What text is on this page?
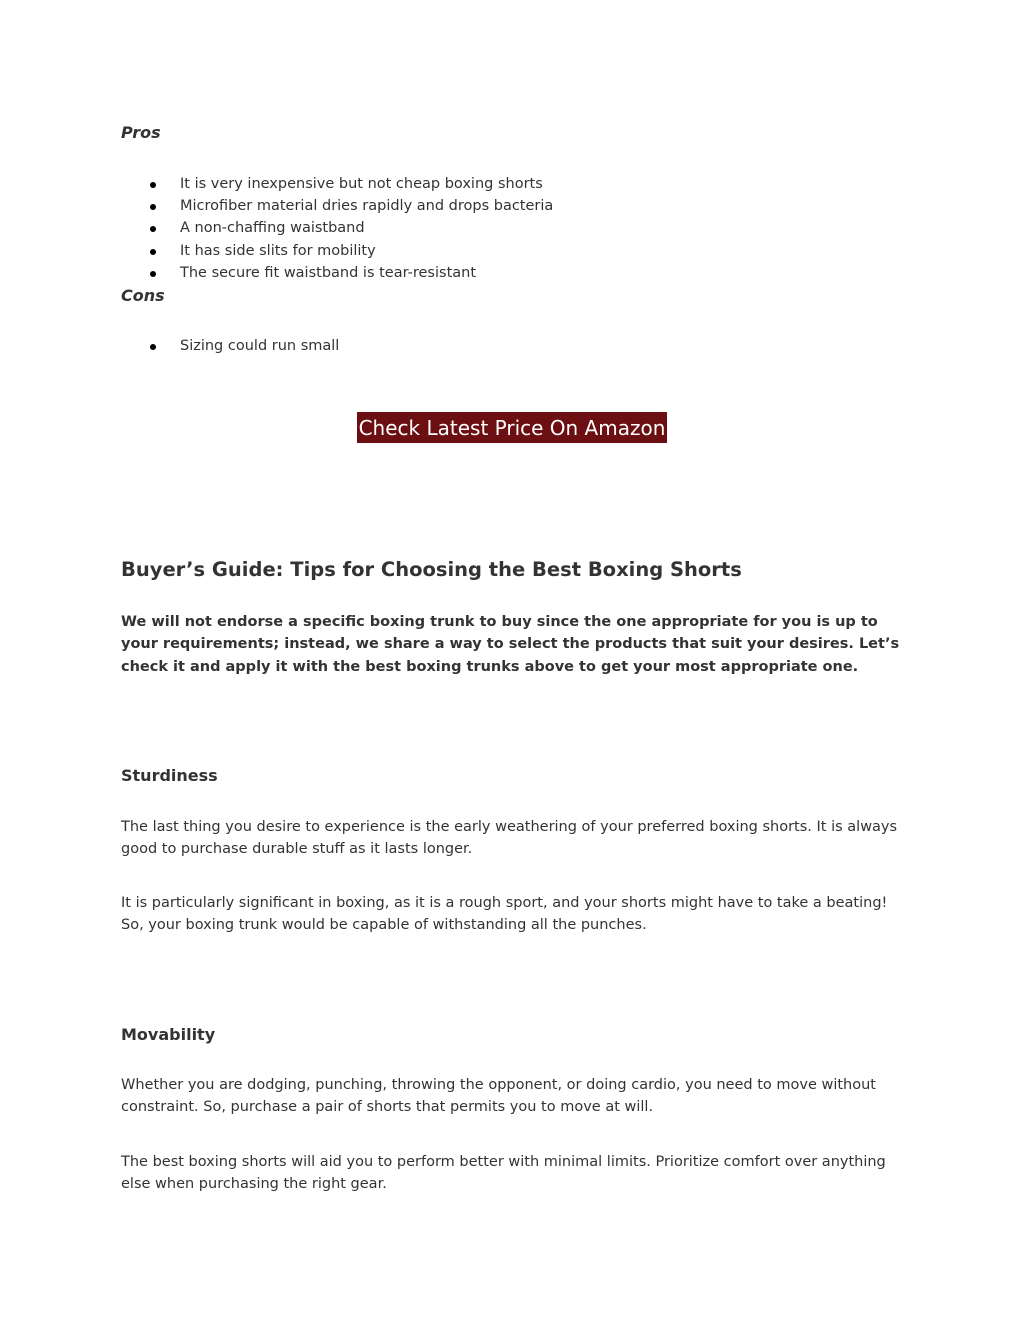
Pros

It is very inexpensive but not cheap boxing shorts
Microfiber material dries rapidly and drops bacteria
A non-chaffing waistband
It has side slits for mobility
The secure fit waistband is tear-resistant

Cons

Sizing could run small
Check Latest Price On Amazon
Buyer’s Guide: Tips for Choosing the Best Boxing Shorts

We will not endorse a specific boxing trunk to buy since the one appropriate for you is up to your requirements; instead, we share a way to select the products that suit your desires. Let’s check it and apply it with the best boxing trunks above to get your most appropriate one.

Sturdiness

The last thing you desire to experience is the early weathering of your preferred boxing shorts. It is always good to purchase durable stuff as it lasts longer.

It is particularly significant in boxing, as it is a rough sport, and your shorts might have to take a beating! So, your boxing trunk would be capable of withstanding all the punches.

Movability

Whether you are dodging, punching, throwing the opponent, or doing cardio, you need to move without constraint. So, purchase a pair of shorts that permits you to move at will.

The best boxing shorts will aid you to perform better with minimal limits. Prioritize comfort over anything else when purchasing the right gear.
